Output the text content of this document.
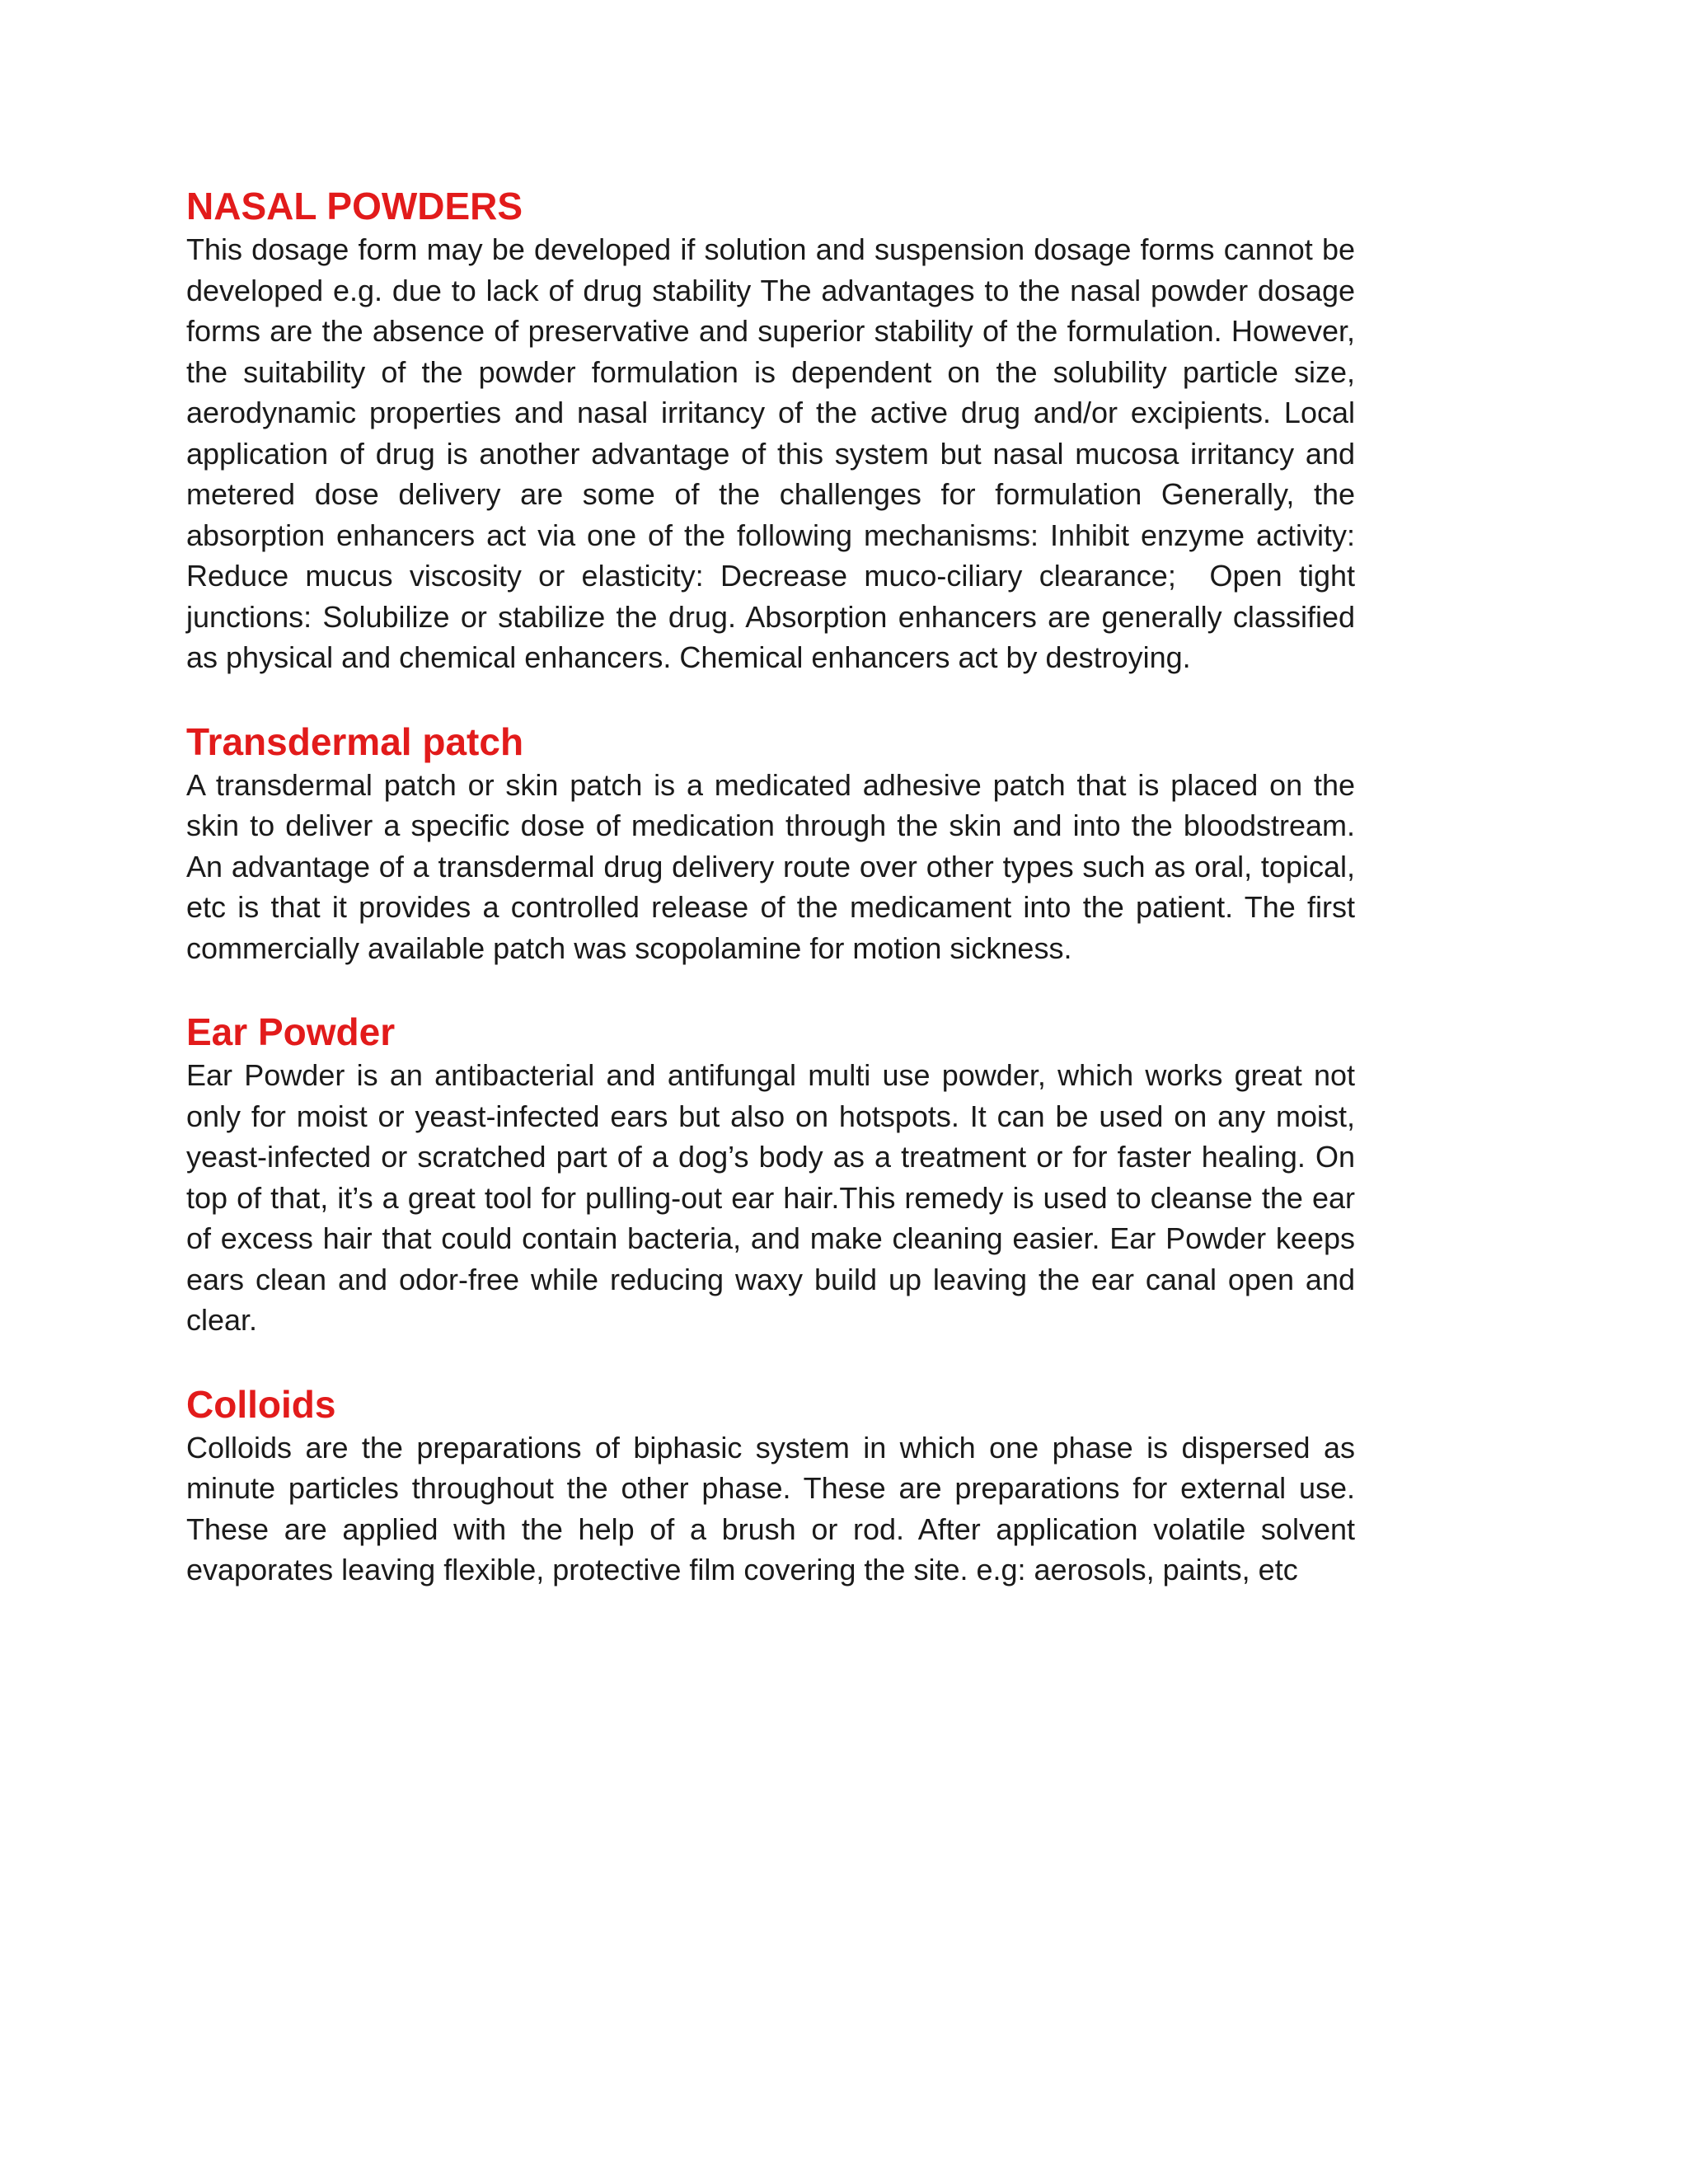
NASAL POWDERS

This dosage form may be developed if solution and suspension dosage forms cannot be developed e.g. due to lack of drug stability The advantages to the nasal powder dosage forms are the absence of preservative and superior stability of the formulation. However, the suitability of the powder formulation is dependent on the solubility particle size, aerodynamic properties and nasal irritancy of the active drug and/or excipients. Local application of drug is another advantage of this system but nasal mucosa irritancy and metered dose delivery are some of the challenges for formulation Generally, the absorption enhancers act via one of the following mechanisms: Inhibit enzyme activity: Reduce mucus viscosity or elasticity: Decrease muco-ciliary clearance;  Open tight junctions: Solubilize or stabilize the drug. Absorption enhancers are generally classified as physical and chemical enhancers. Chemical enhancers act by destroying.

Transdermal patch

A transdermal patch or skin patch is a medicated adhesive patch that is placed on the skin to deliver a specific dose of medication through the skin and into the bloodstream. An advantage of a transdermal drug delivery route over other types such as oral, topical, etc is that it provides a controlled release of the medicament into the patient. The first commercially available patch was scopolamine for motion sickness.

Ear Powder

Ear Powder is an antibacterial and antifungal multi use powder, which works great not only for moist or yeast-infected ears but also on hotspots. It can be used on any moist, yeast-infected or scratched part of a dog’s body as a treatment or for faster healing. On top of that, it’s a great tool for pulling-out ear hair.This remedy is used to cleanse the ear of excess hair that could contain bacteria, and make cleaning easier. Ear Powder keeps ears clean and odor-free while reducing waxy build up leaving the ear canal open and clear.

Colloids

Colloids are the preparations of biphasic system in which one phase is dispersed as minute particles throughout the other phase. These are preparations for external use. These are applied with the help of a brush or rod. After application volatile solvent evaporates leaving flexible, protective film covering the site. e.g: aerosols, paints, etc
